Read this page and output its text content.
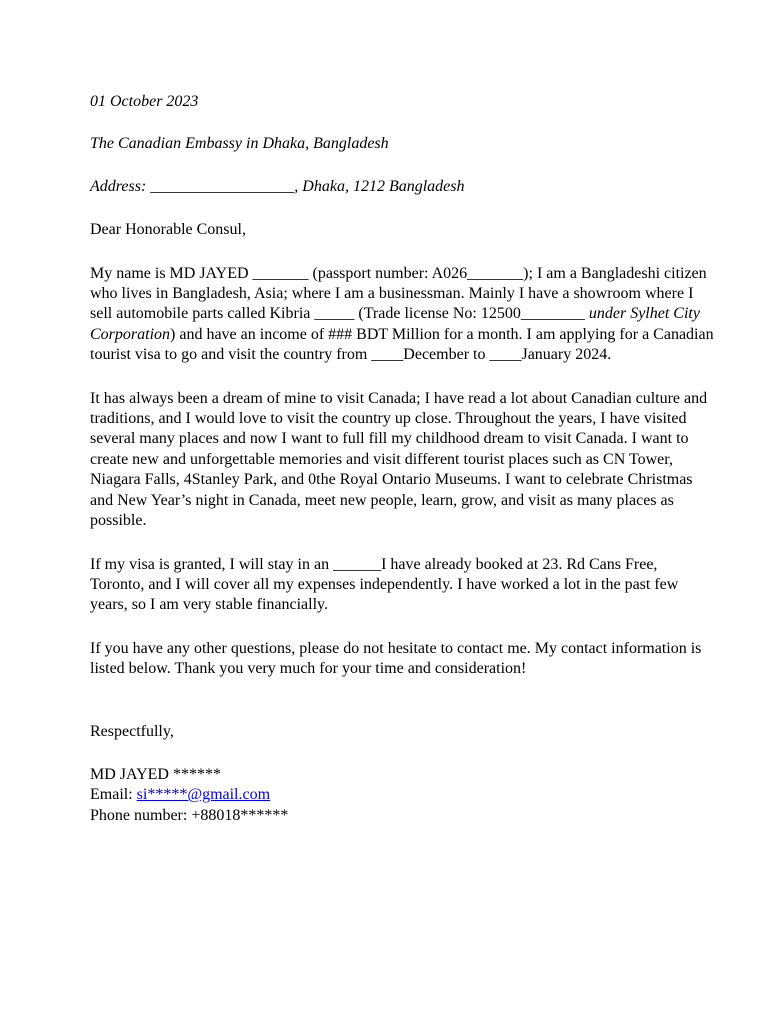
01 October 2023
The Canadian Embassy in Dhaka, Bangladesh
Address: __________________, Dhaka, 1212 Bangladesh
Dear Honorable Consul,
My name is MD JAYED _______ (passport number: A026_______); I am a Bangladeshi citizen who lives in Bangladesh, Asia; where I am a businessman. Mainly I have a showroom where I sell automobile parts called Kibria _____ (Trade license No: 12500________ under Sylhet City Corporation) and have an income of ### BDT Million for a month. I am applying for a Canadian tourist visa to go and visit the country from ____December to ____January 2024.
It has always been a dream of mine to visit Canada; I have read a lot about Canadian culture and traditions, and I would love to visit the country up close. Throughout the years, I have visited several many places and now I want to full fill my childhood dream to visit Canada. I want to create new and unforgettable memories and visit different tourist places such as CN Tower, Niagara Falls, 4Stanley Park, and 0the Royal Ontario Museums. I want to celebrate Christmas and New Year’s night in Canada, meet new people, learn, grow, and visit as many places as possible.
If my visa is granted, I will stay in an ______I have already booked at 23. Rd Cans Free, Toronto, and I will cover all my expenses independently. I have worked a lot in the past few years, so I am very stable financially.
If you have any other questions, please do not hesitate to contact me. My contact information is listed below. Thank you very much for your time and consideration!
Respectfully,
MD JAYED ******
Email: si*****@gmail.com
Phone number: +88018******
